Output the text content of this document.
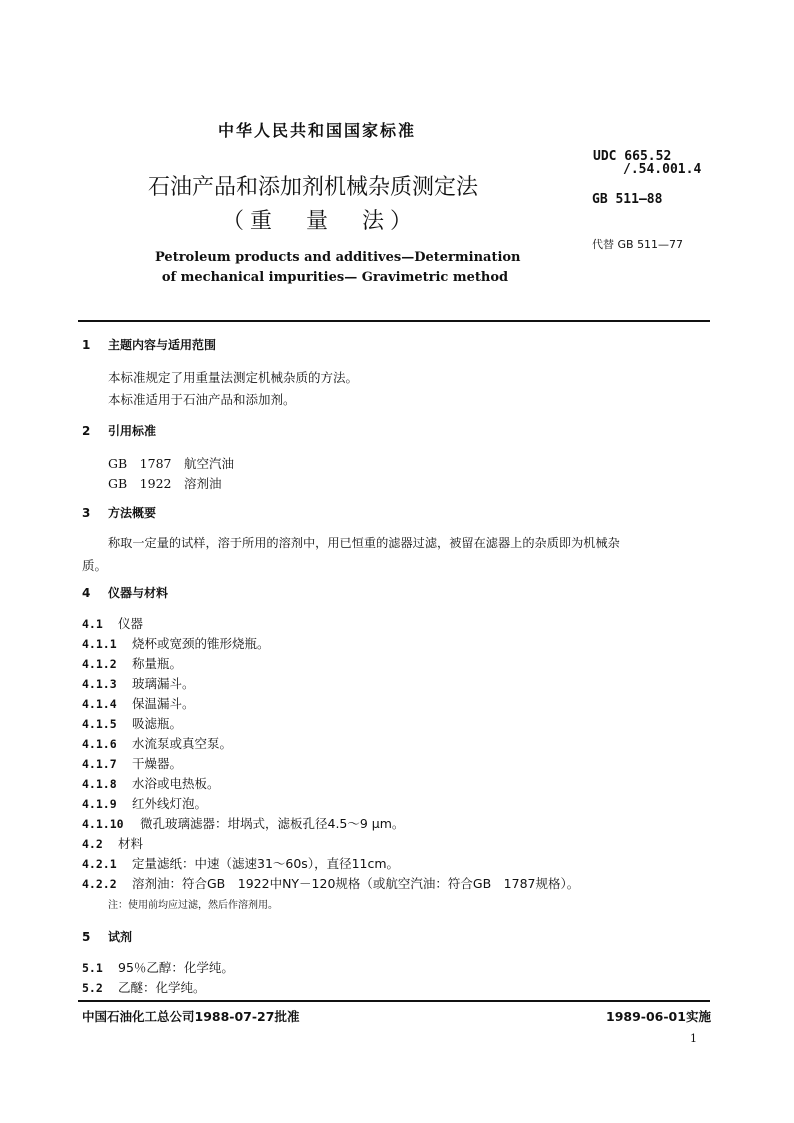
中华人民共和国国家标准
石油产品和添加剂机械杂质测定法
（重　量　法）
Petroleum products and additives—Determination
of mechanical impurities— Gravimetric method
UDC 665.52
/.54.001.4
GB 511—88
代替 GB 511—77
1 主题内容与适用范围
本标准规定了用重量法测定机械杂质的方法。
本标准适用于石油产品和添加剂。
2 引用标准
GB　1787　航空汽油
GB　1922　溶剂油
3 方法概要
称取一定量的试样，溶于所用的溶剂中，用已恒重的滤器过滤，被留在滤器上的杂质即为机械杂
质。
4 仪器与材料
4.1 仪器
4.1.1 烧杯或宽颈的锥形烧瓶。
4.1.2 称量瓶。
4.1.3 玻璃漏斗。
4.1.4 保温漏斗。
4.1.5 吸滤瓶。
4.1.6 水流泵或真空泵。
4.1.7 干燥器。
4.1.8 水浴或电热板。
4.1.9 红外线灯泡。
4.1.10 微孔玻璃滤器：坩埚式，滤板孔径4.5～9 μm。
4.2 材料
4.2.1 定量滤纸：中速（滤速31～60s），直径11cm。
4.2.2 溶剂油：符合GB　1922中NY－120规格（或航空汽油：符合GB　1787规格）。
注：使用前均应过滤，然后作溶剂用。
5 试剂
5.1 95％乙醇：化学纯。
5.2 乙醚：化学纯。
中国石油化工总公司1988-07-27批准	1989-06-01实施
1
